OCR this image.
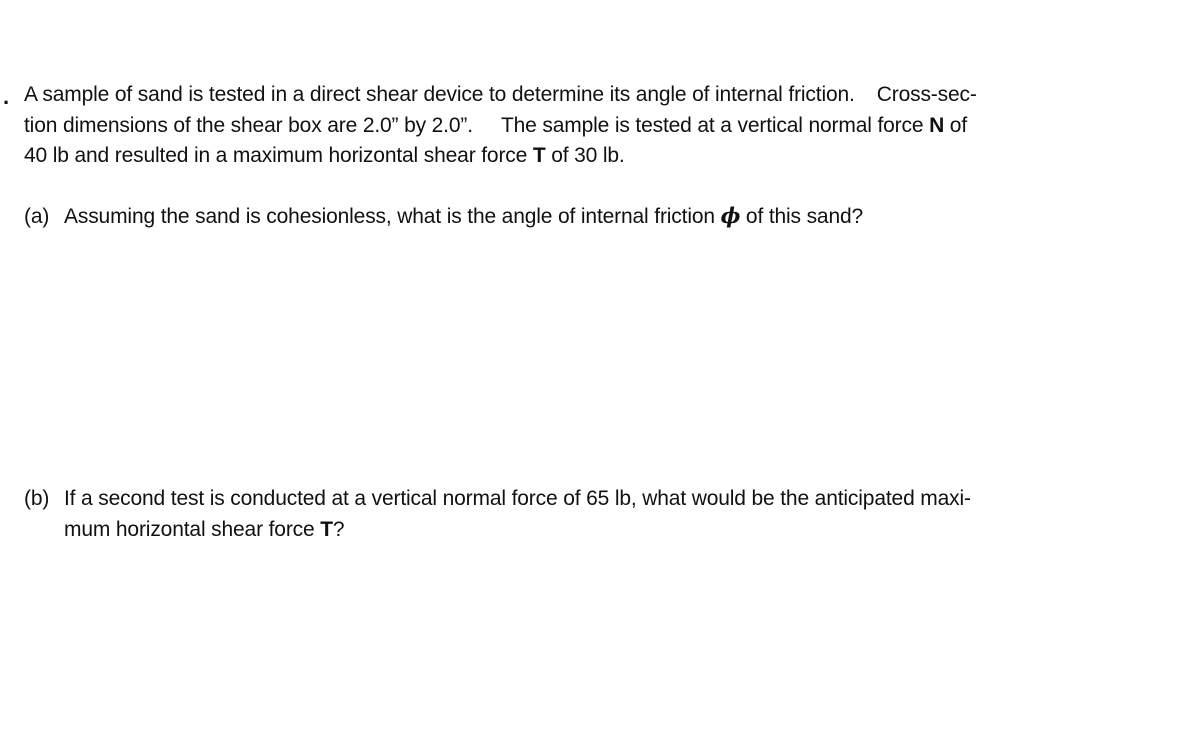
. A sample of sand is tested in a direct shear device to determine its angle of internal friction. Cross-sec-
tion dimensions of the shear box are 2.0” by 2.0”. The sample is tested at a vertical normal force N of
40 lb and resulted in a maximum horizontal shear force T of 30 lb.
(a) Assuming the sand is cohesionless, what is the angle of internal friction ϕ of this sand?
(b) If a second test is conducted at a vertical normal force of 65 lb, what would be the anticipated maxi-
mum horizontal shear force T?
